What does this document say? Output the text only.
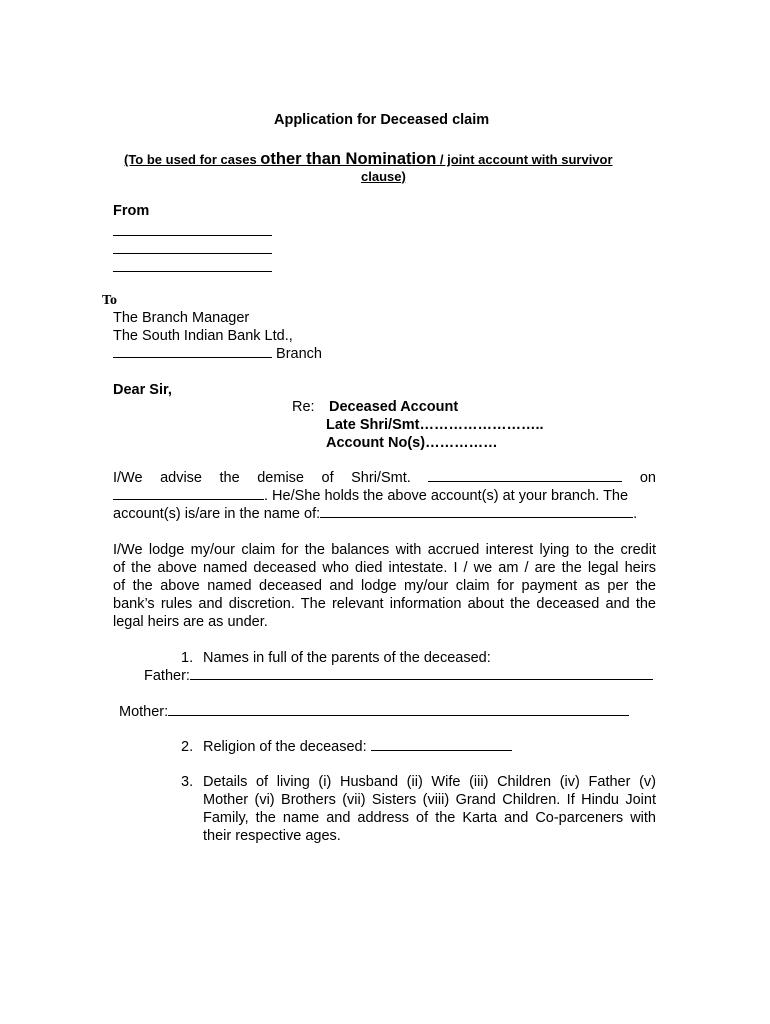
Application for Deceased claim
(To be used for cases other than Nomination / joint account with survivor
clause)
From
To
The Branch Manager
The South Indian Bank Ltd.,
Branch
Dear Sir,
Re: Deceased Account
Late Shri/Smt……………………..
Account No(s)……………
I/We advise the demise of Shri/Smt.	on
. He/She holds the above account(s) at your branch. The
account(s) is/are in the name of:	.
I/We lodge my/our claim for the balances with accrued interest lying to the credit
of the above named deceased who died intestate. I / we am / are the legal heirs
of the above named deceased and lodge my/our claim for payment as per the
bank’s rules and discretion. The relevant information about the deceased and the
legal heirs are as under.
1. Names in full of the parents of the deceased:
Father:
Mother:
2. Religion of the deceased:
3. Details of living (i) Husband (ii) Wife (iii) Children (iv) Father (v)
Mother (vi) Brothers (vii) Sisters (viii) Grand Children. If Hindu Joint
Family, the name and address of the Karta and Co-parceners with
their respective ages.
